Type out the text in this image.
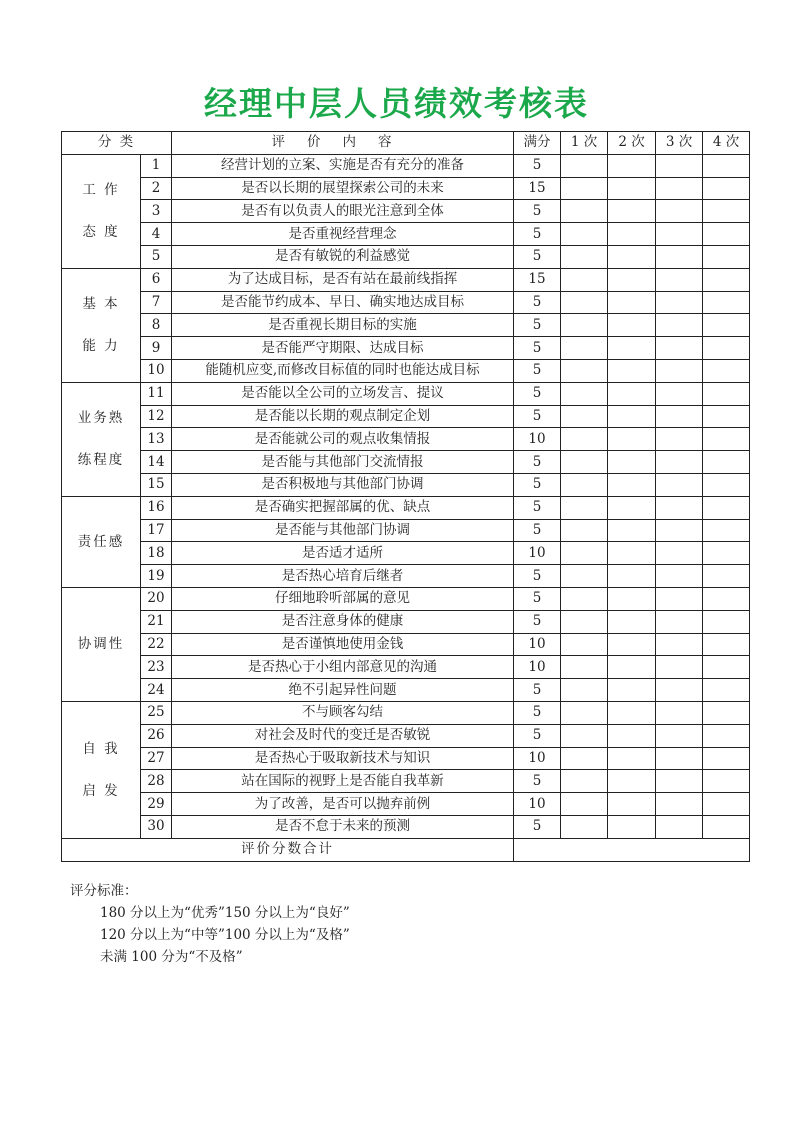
经理中层人员绩效考核表
分 类		评价内容	满分	1 次	2 次	3 次	4 次

工 作
态 度	1	经营计划的立案、实施是否有充分的准备	5				
	2	是否以长期的展望探索公司的未来	15				
	3	是否有以负责人的眼光注意到全体	5				
	4	是否重视经营理念	5				
	5	是否有敏锐的利益感觉	5				

基 本
能 力	6	为了达成目标，是否有站在最前线指挥	15				
	7	是否能节约成本、早日、确实地达成目标	5				
	8	是否重视长期目标的实施	5				
	9	是否能严守期限、达成目标	5				
	10	能随机应变,而修改目标值的同时也能达成目标	5				

业务熟
练程度	11	是否能以全公司的立场发言、提议	5				
	12	是否能以长期的观点制定企划	5				
	13	是否能就公司的观点收集情报	10				
	14	是否能与其他部门交流情报	5				
	15	是否积极地与其他部门协调	5				

责任感	16	是否确实把握部属的优、缺点	5				
	17	是否能与其他部门协调	5				
	18	是否适才适所	10				
	19	是否热心培育后继者	5				

协调性	20	仔细地聆听部属的意见	5				
	21	是否注意身体的健康	5				
	22	是否谨慎地使用金钱	10				
	23	是否热心于小组内部意见的沟通	10				
	24	绝不引起异性问题	5				

自 我
启 发	25	不与顾客勾结	5				
	26	对社会及时代的变迁是否敏锐	5				
	27	是否热心于吸取新技术与知识	10				
	28	站在国际的视野上是否能自我革新	5				
	29	为了改善，是否可以抛弃前例	10				
	30	是否不怠于未来的预测	5				
评价分数合计							
评分标准：
180 分以上为“优秀”150 分以上为“良好”
120 分以上为“中等”100 分以上为“及格”
未满 100 分为“不及格”
